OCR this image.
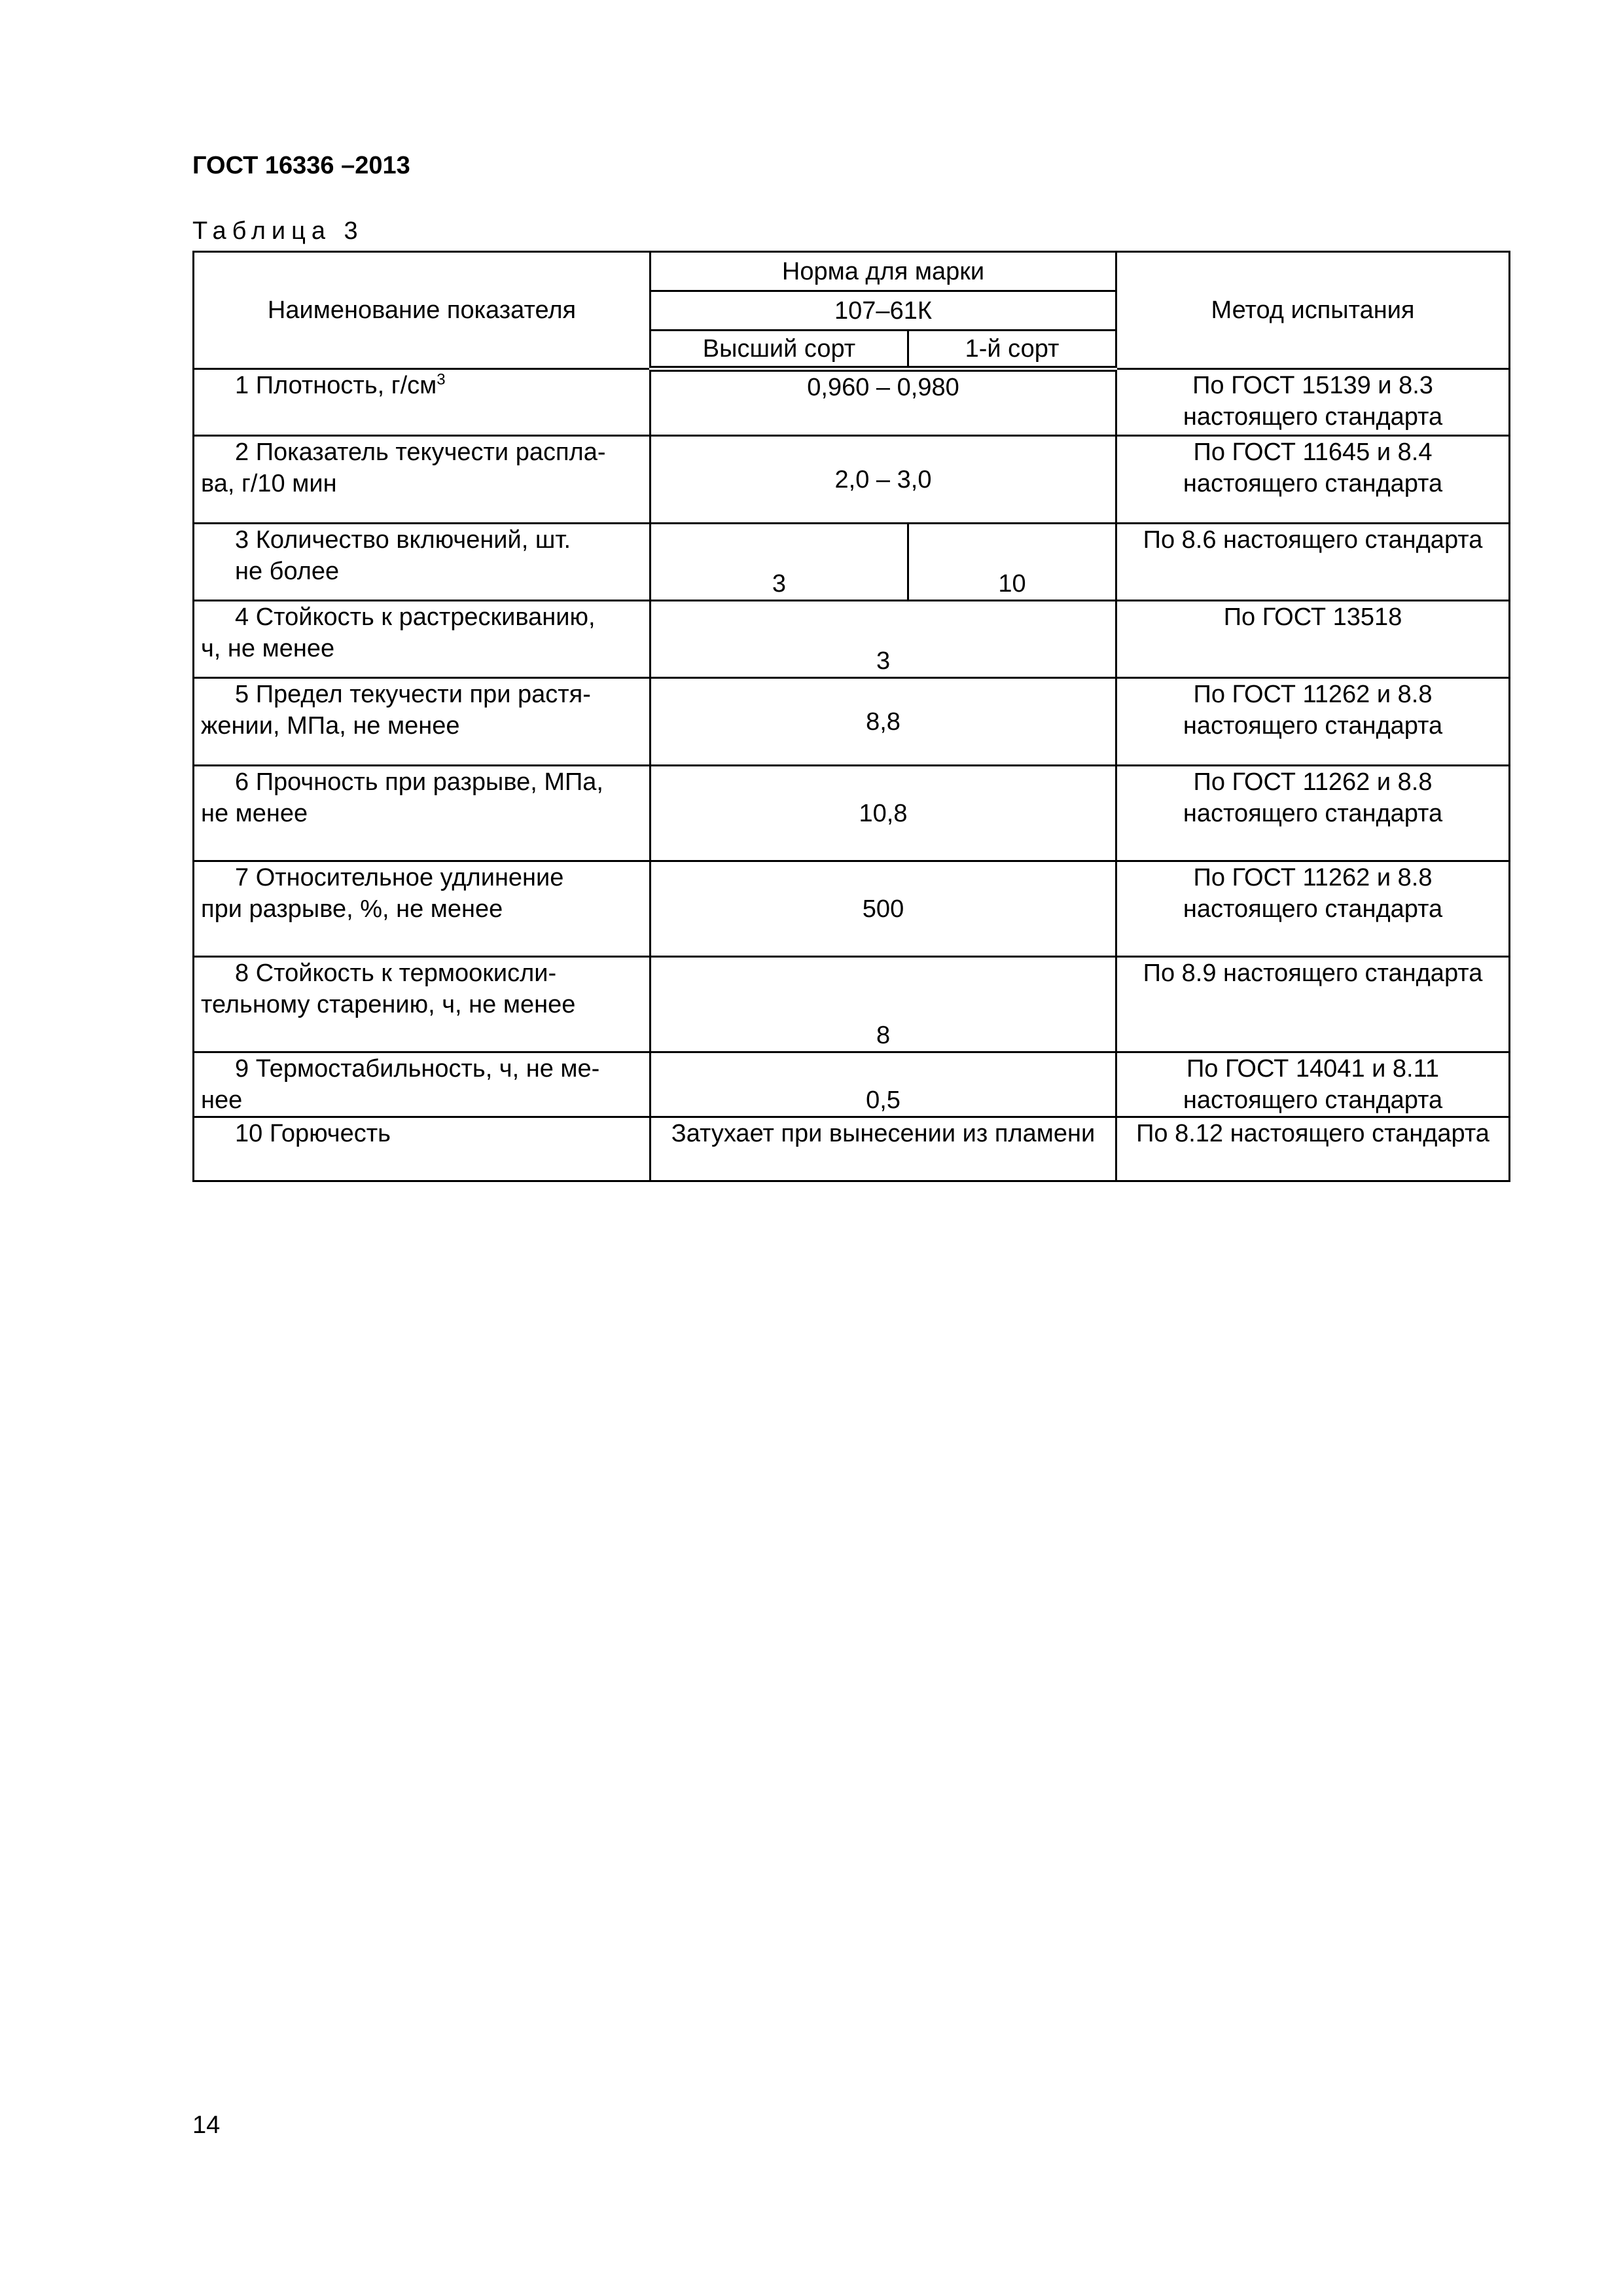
ГОСТ 16336 –2013

Таблица 3

Наименование показателя	Норма для марки		Метод испытания
	107–61К		
	Высший сорт	1-й сорт	

1 Плотность, $г/см^3$	0,960 – 0,980		По ГОСТ 15139 и 8.3 настоящего стандарта

2 Показатель текучести распла-
ва, г/10 мин	2,0 – 3,0		По ГОСТ 11645 и 8.4 настоящего стандарта

3 Количество включений, шт.
не более	3	10	По 8.6 настоящего стандарта

4 Стойкость к растрескиванию,
ч, не менее	3		По ГОСТ 13518

5 Предел текучести при растя-
жении, МПа, не менее	8,8		По ГОСТ 11262 и 8.8 настоящего стандарта

6 Прочность при разрыве, МПа,
не менее	10,8		По ГОСТ 11262 и 8.8 настоящего стандарта

7 Относительное удлинение
при разрыве, %, не менее	500		По ГОСТ 11262 и 8.8 настоящего стандарта

8 Стойкость к термоокисли-
тельному старению, ч, не менее	8		По 8.9 настоящего стандарта

9 Термостабильность, ч, не ме-
нее	0,5		По ГОСТ 14041 и 8.11 настоящего стандарта

10 Горючесть	Затухает при вынесении из пламени		По 8.12 настоящего стандарта

14
